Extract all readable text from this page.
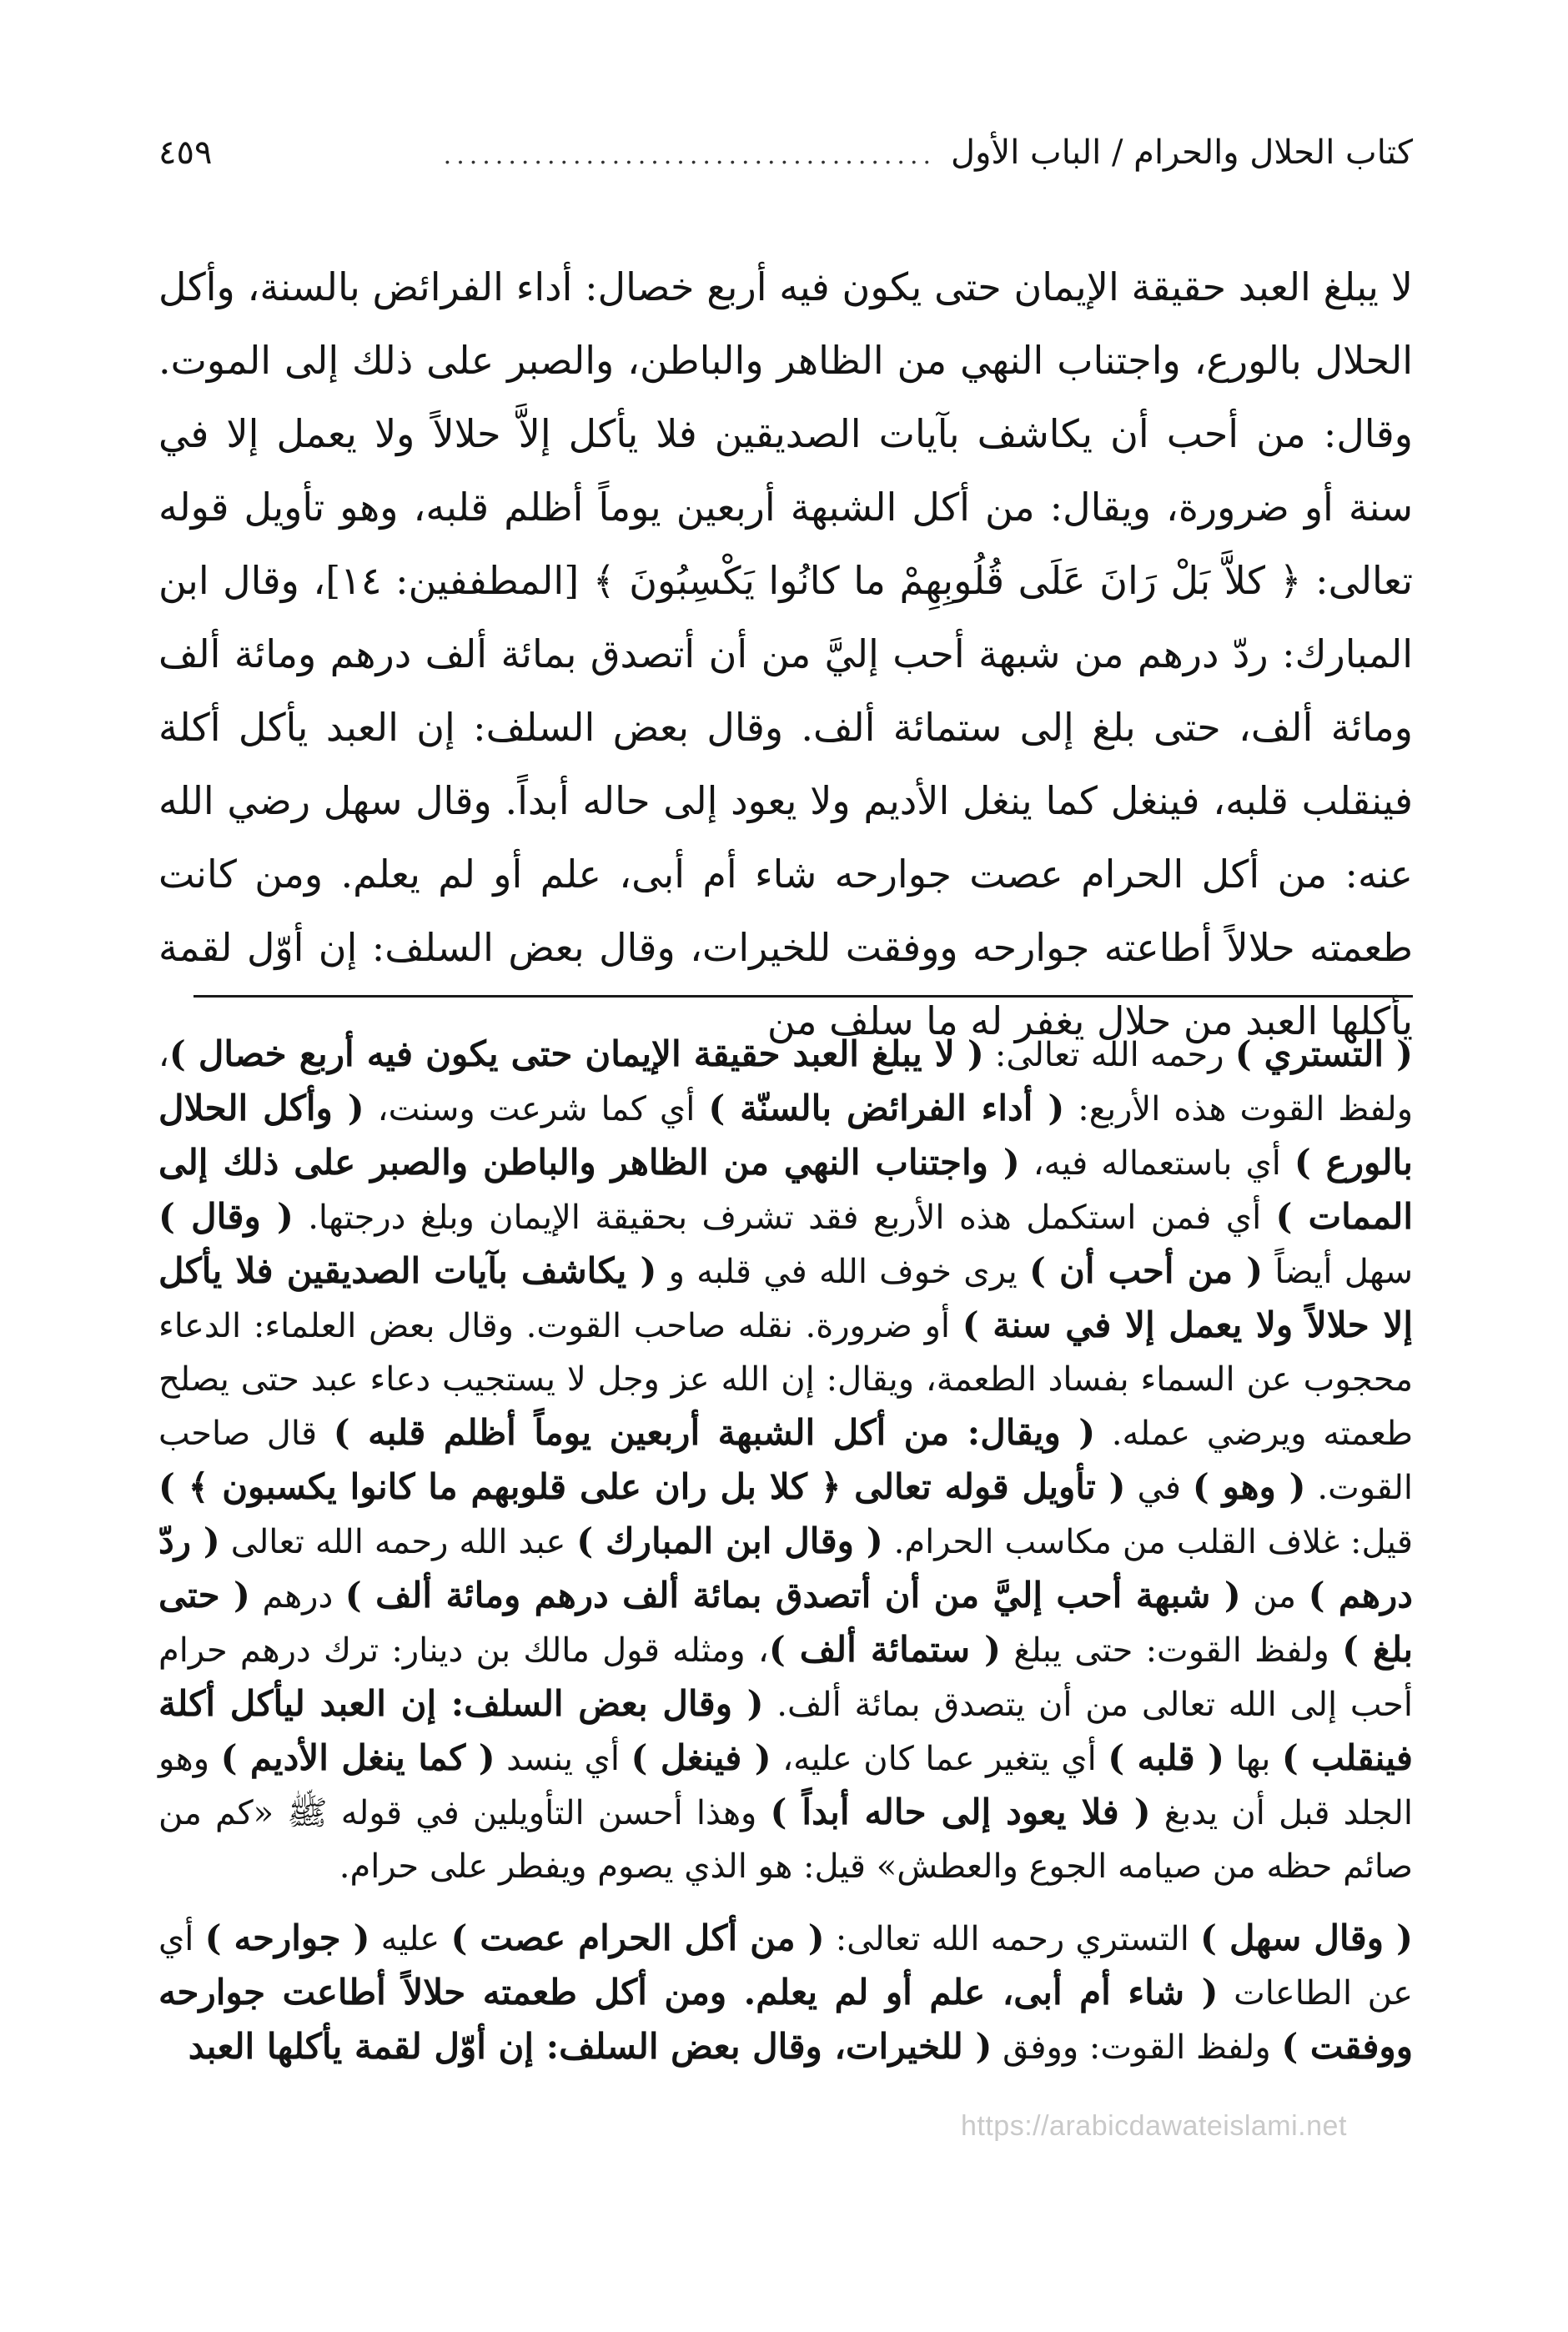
كتاب الحلال والحرام / الباب الأول
......................................
٤٥٩

لا يبلغ العبد حقيقة الإيمان حتى يكون فيه أربع خصال: أداء الفرائض بالسنة، وأكل الحلال بالورع، واجتناب النهي من الظاهر والباطن، والصبر على ذلك إلى الموت. وقال: من أحب أن يكاشف بآيات الصديقين فلا يأكل إلاَّ حلالاً ولا يعمل إلا في سنة أو ضرورة، ويقال: من أكل الشبهة أربعين يوماً أظلم قلبه، وهو تأويل قوله تعالى: ﴿ كلاَّ بَلْ رَانَ عَلَى قُلُوبِهِمْ ما كانُوا يَكْسِبُونَ ﴾ [المطففين: ١٤]، وقال ابن المبارك: ردّ درهم من شبهة أحب إليَّ من أن أتصدق بمائة ألف درهم ومائة ألف ومائة ألف، حتى بلغ إلى ستمائة ألف. وقال بعض السلف: إن العبد يأكل أكلة فينقلب قلبه، فينغل كما ينغل الأديم ولا يعود إلى حاله أبداً. وقال سهل رضي الله عنه: من أكل الحرام عصت جوارحه شاء أم أبى، علم أو لم يعلم. ومن كانت طعمته حلالاً أطاعته جوارحه ووفقت للخيرات، وقال بعض السلف: إن أوّل لقمة يأكلها العبد من حلال يغفر له ما سلف من

( التستري ) رحمه الله تعالى: ( لا يبلغ العبد حقيقة الإيمان حتى يكون فيه أربع خصال )، ولفظ القوت هذه الأربع: ( أداء الفرائض بالسنّة ) أي كما شرعت وسنت، ( وأكل الحلال بالورع ) أي باستعماله فيه، ( واجتناب النهي من الظاهر والباطن والصبر على ذلك إلى الممات ) أي فمن استكمل هذه الأربع فقد تشرف بحقيقة الإيمان وبلغ درجتها. ( وقال ) سهل أيضاً ( من أحب أن ) يرى خوف الله في قلبه و ( يكاشف بآيات الصديقين فلا يأكل إلا حلالاً ولا يعمل إلا في سنة ) أو ضرورة. نقله صاحب القوت. وقال بعض العلماء: الدعاء محجوب عن السماء بفساد الطعمة، ويقال: إن الله عز وجل لا يستجيب دعاء عبد حتى يصلح طعمته ويرضي عمله. ( ويقال: من أكل الشبهة أربعين يوماً أظلم قلبه ) قال صاحب القوت. ( وهو ) في ( تأويل قوله تعالى ﴿ كلا بل ران على قلوبهم ما كانوا يكسبون ﴾ ) قيل: غلاف القلب من مكاسب الحرام. ( وقال ابن المبارك ) عبد الله رحمه الله تعالى ( ردّ درهم ) من ( شبهة أحب إليَّ من أن أتصدق بمائة ألف درهم ومائة ألف ) درهم ( حتى بلغ ) ولفظ القوت: حتى يبلغ ( ستمائة ألف )، ومثله قول مالك بن دينار: ترك درهم حرام أحب إلى الله تعالى من أن يتصدق بمائة ألف. ( وقال بعض السلف: إن العبد ليأكل أكلة فينقلب ) بها ( قلبه ) أي يتغير عما كان عليه، ( فينغل ) أي ينسد ( كما ينغل الأديم ) وهو الجلد قبل أن يدبغ ( فلا يعود إلى حاله أبداً ) وهذا أحسن التأويلين في قوله ﷺ «كم من صائم حظه من صيامه الجوع والعطش» قيل: هو الذي يصوم ويفطر على حرام.

( وقال سهل ) التستري رحمه الله تعالى: ( من أكل الحرام عصت ) عليه ( جوارحه ) أي عن الطاعات ( شاء أم أبى، علم أو لم يعلم. ومن أكل طعمته حلالاً أطاعت جوارحه ووفقت ) ولفظ القوت: ووفق ( للخيرات، وقال بعض السلف: إن أوّل لقمة يأكلها العبد

https://arabicdawateislami.net
